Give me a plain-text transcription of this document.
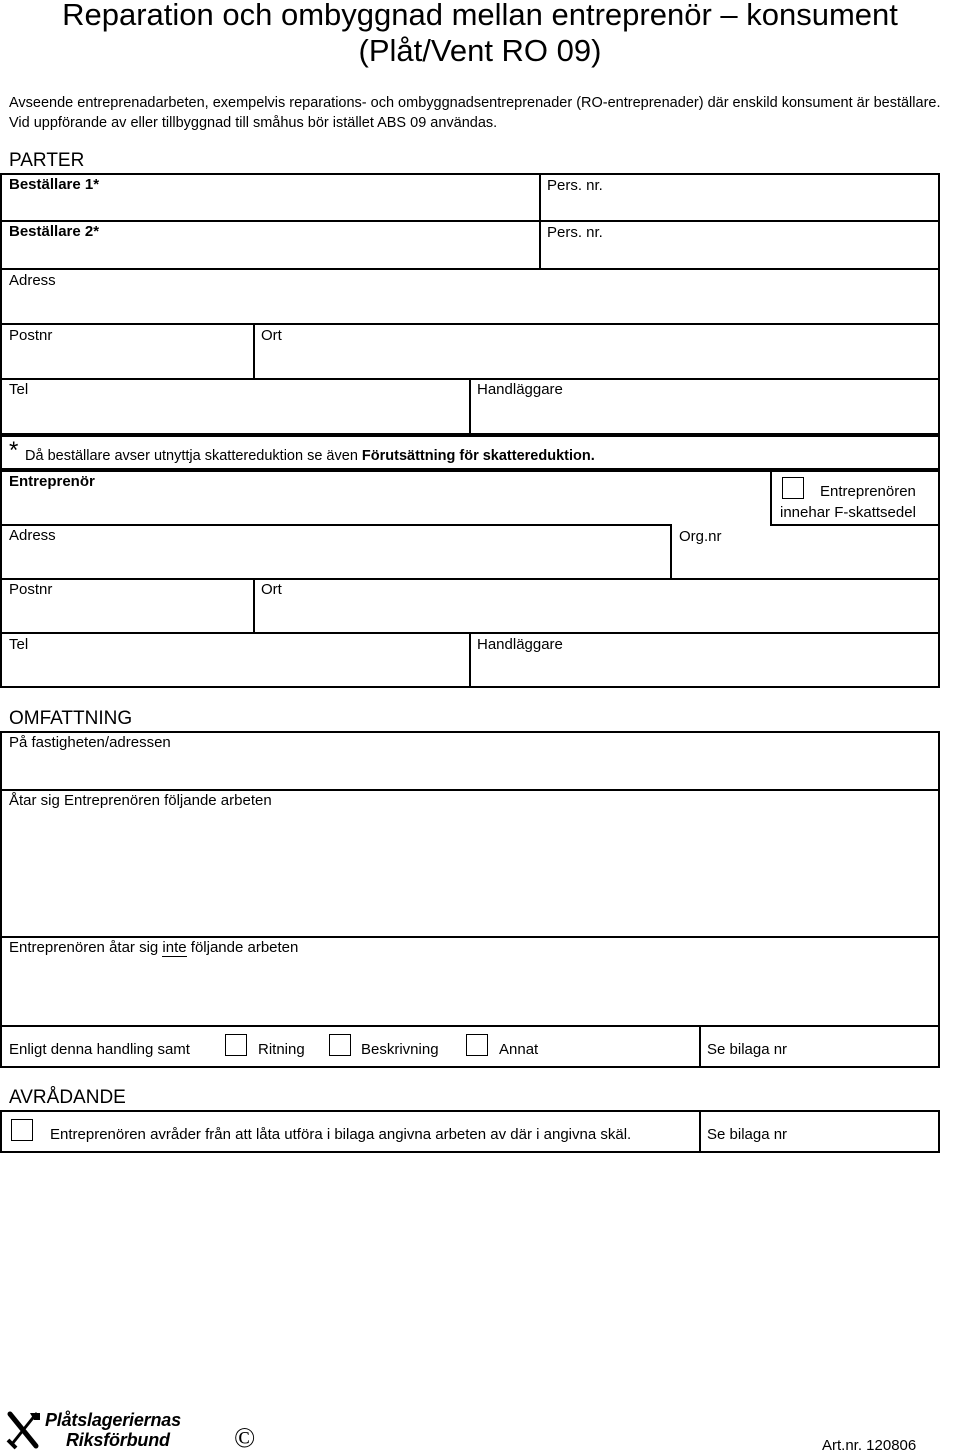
Reparation och ombyggnad mellan entreprenör – konsument
(Plåt/Vent RO 09)
Avseende entreprenadarbeten, exempelvis reparations- och ombyggnadsentreprenader (RO-entreprenader) där enskild konsument är beställare. Vid uppförande av eller tillbyggnad till småhus bör istället ABS 09 användas.
PARTER
Beställare 1*	Pers. nr.
Beställare 2*	Pers. nr.
Adress
Postnr	Ort
Tel	Handläggare
* Då beställare avser utnyttja skattereduktion se även Förutsättning för skattereduktion.
Entreprenör
Entreprenören
innehar F-skattsedel
Adress	Org.nr
Postnr	Ort
Tel	Handläggare
OMFATTNING
På fastigheten/adressen
Åtar sig Entreprenören följande arbeten
Entreprenören åtar sig inte följande arbeten
Enligt denna handling samt	Ritning	Beskrivning	Annat	Se bilaga nr
AVRÅDANDE
Entreprenören avråder från att låta utföra i bilaga angivna arbeten av där i angivna skäl.	Se bilaga nr
Plåtslageriernas
Riksförbund ©	Art.nr. 120806
